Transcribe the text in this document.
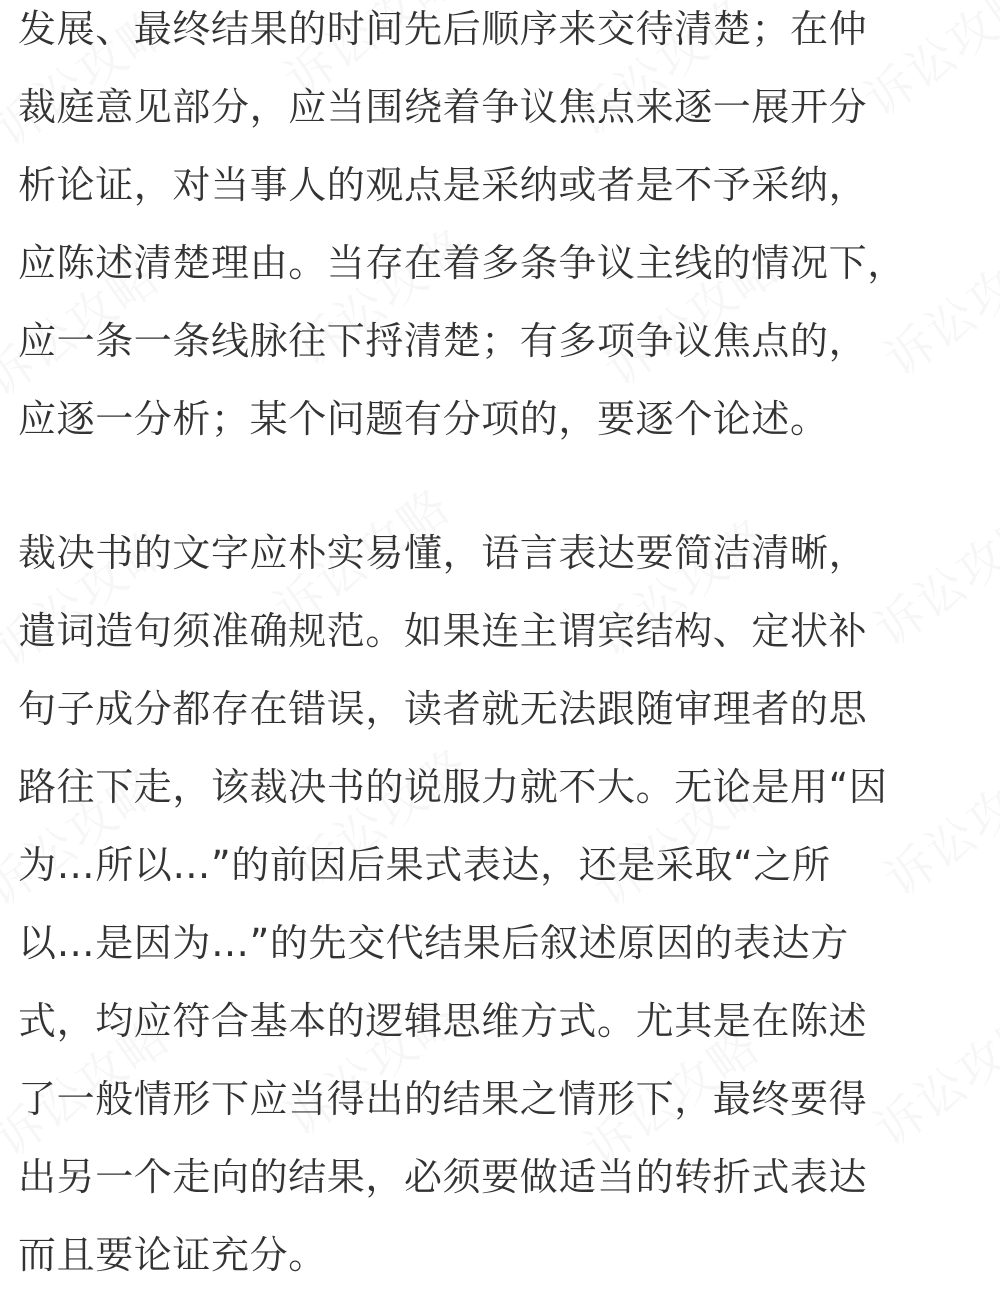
发展、最终结果的时间先后顺序来交待清楚；在仲
裁庭意见部分，应当围绕着争议焦点来逐一展开分
析论证，对当事人的观点是采纳或者是不予采纳，
应陈述清楚理由。当存在着多条争议主线的情况下，
应一条一条线脉往下捋清楚；有多项争议焦点的，
应逐一分析；某个问题有分项的，要逐个论述。
裁决书的文字应朴实易懂，语言表达要简洁清晰，
遣词造句须准确规范。如果连主谓宾结构、定状补
句子成分都存在错误，读者就无法跟随审理者的思
路往下走，该裁决书的说服力就不大。无论是用“因
为…所以…”的前因后果式表达，还是采取“之所
以…是因为…”的先交代结果后叙述原因的表达方
式，均应符合基本的逻辑思维方式。尤其是在陈述
了一般情形下应当得出的结果之情形下，最终要得
出另一个走向的结果，必须要做适当的转折式表达
而且要论证充分。
